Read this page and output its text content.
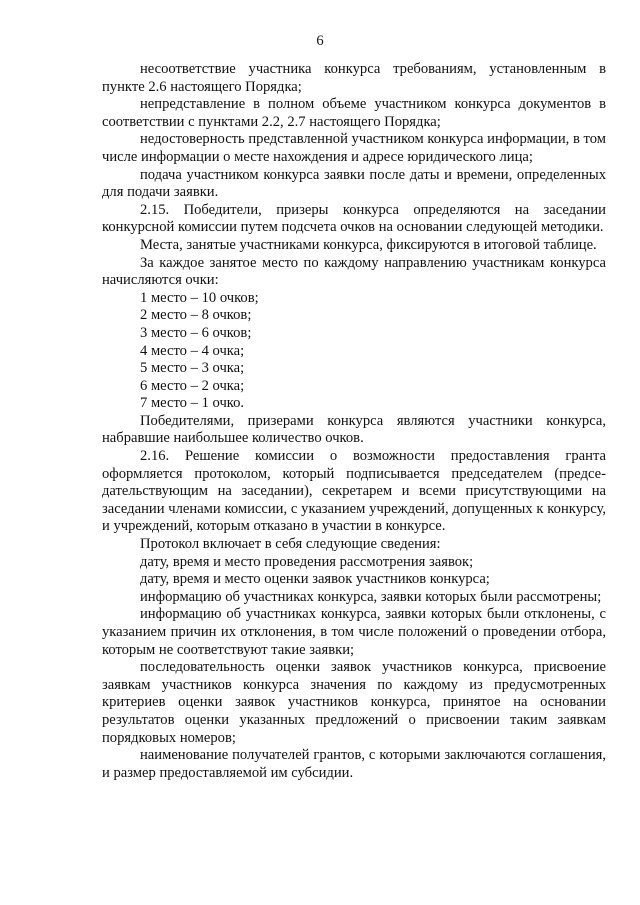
6

несоответствие участника конкурса требованиям, установленным в пункте 2.6 настоящего Порядка;

непредставление в полном объеме участником конкурса документов в соответствии с пунктами 2.2, 2.7 настоящего Порядка;

недостоверность представленной участником конкурса информации, в том числе информации о месте нахождения и адресе юридического лица;

подача участником конкурса заявки после даты и времени, определенных для подачи заявки.

2.15. Победители, призеры конкурса определяются на заседании конкурсной комиссии путем подсчета очков на основании следующей методики.

Места, занятые участниками конкурса, фиксируются в итоговой таблице.

За каждое занятое место по каждому направлению участникам конкурса начисляются очки:

1 место – 10 очков;

2 место – 8 очков;

3 место – 6 очков;

4 место – 4 очка;

5 место – 3 очка;

6 место – 2 очка;

7 место – 1 очко.

Победителями, призерами конкурса являются участники конкурса, набравшие наибольшее количество очков.

2.16. Решение комиссии о возможности предоставления гранта оформляется протоколом, который подписывается председателем (предсе-дательствующим на заседании), секретарем и всеми присутствующими на заседании членами комиссии, с указанием учреждений, допущенных к конкурсу, и учреждений, которым отказано в участии в конкурсе.

Протокол включает в себя следующие сведения:

дату, время и место проведения рассмотрения заявок;

дату, время и место оценки заявок участников конкурса;

информацию об участниках конкурса, заявки которых были рассмотрены;

информацию об участниках конкурса, заявки которых были отклонены, с указанием причин их отклонения, в том числе положений о проведении отбора, которым не соответствуют такие заявки;

последовательность оценки заявок участников конкурса, присвоение заявкам участников конкурса значения по каждому из предусмотренных критериев оценки заявок участников конкурса, принятое на основании результатов оценки указанных предложений о присвоении таким заявкам порядковых номеров;

наименование получателей грантов, с которыми заключаются соглашения, и размер предоставляемой им субсидии.
